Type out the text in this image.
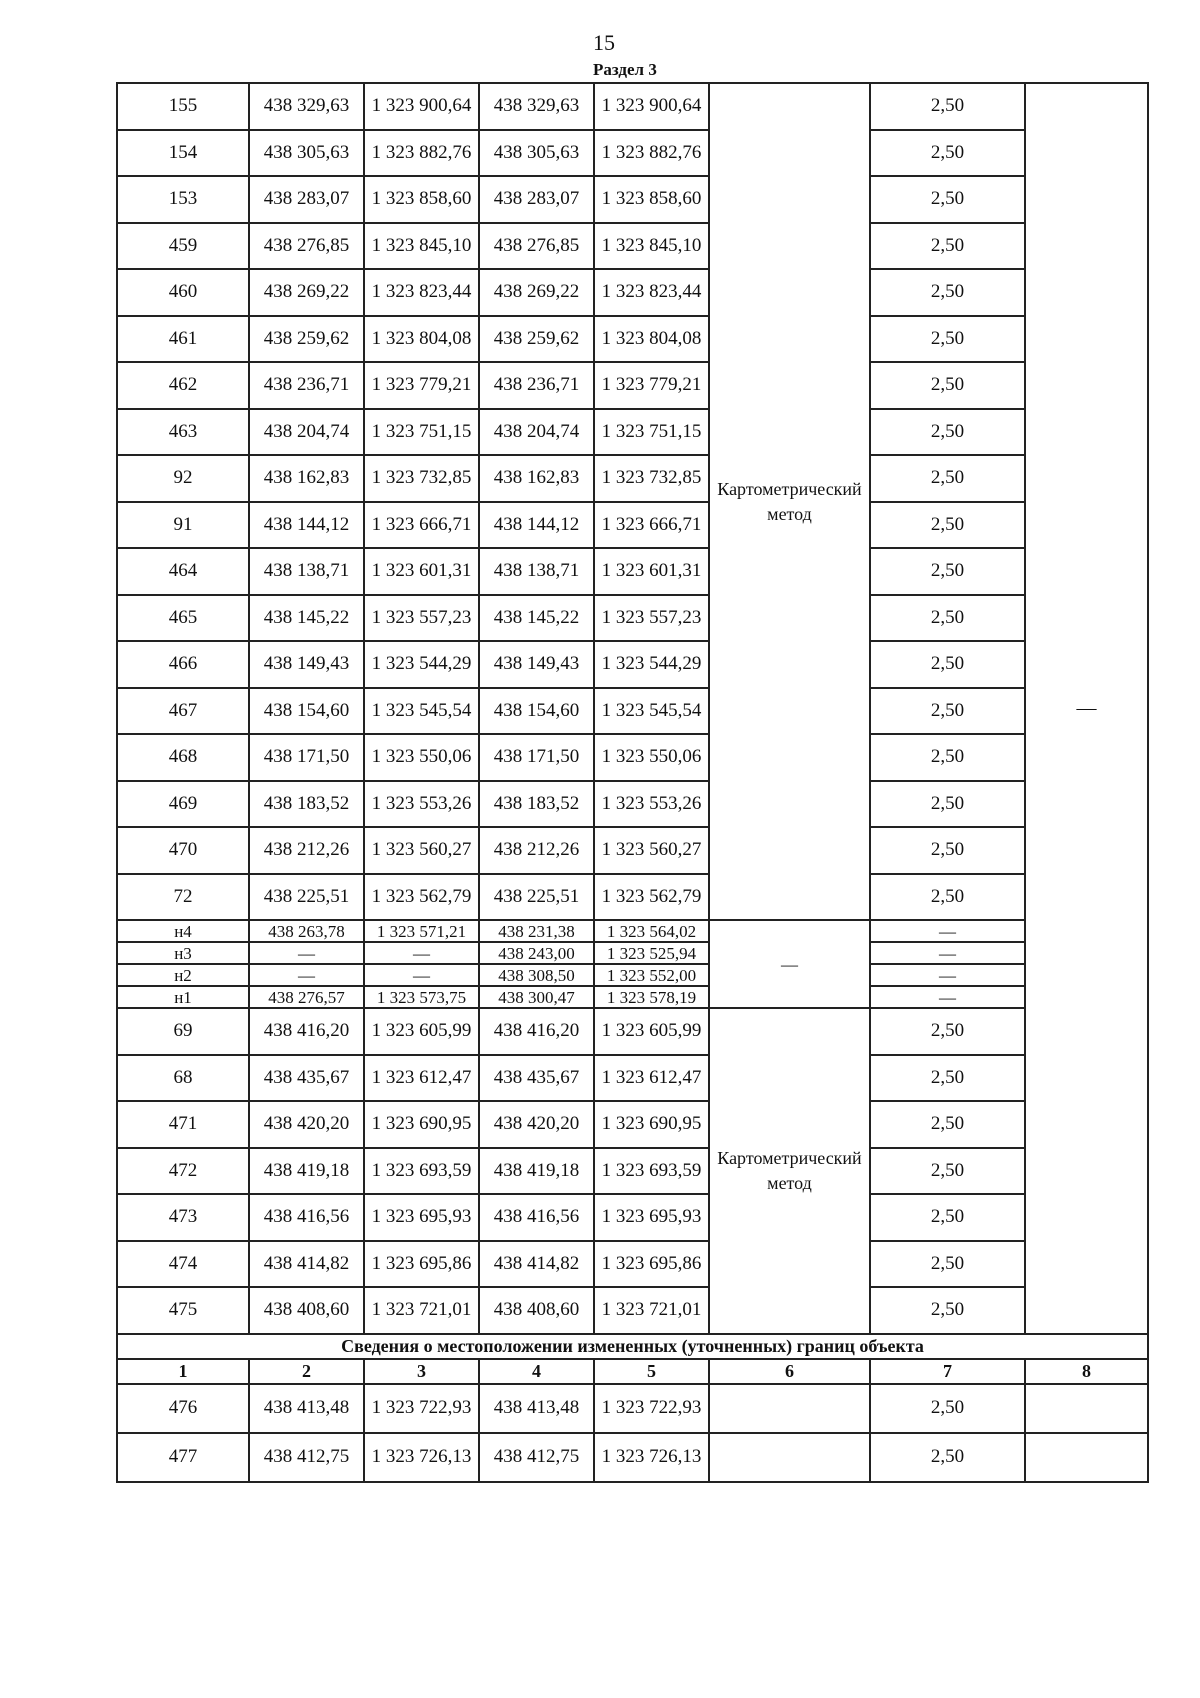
15
Раздел 3
155	438 329,63	1 323 900,64	438 329,63	1 323 900,64	Картометрический метод	2,50	—
154	438 305,63	1 323 882,76	438 305,63	1 323 882,76		2,50	
153	438 283,07	1 323 858,60	438 283,07	1 323 858,60		2,50	
459	438 276,85	1 323 845,10	438 276,85	1 323 845,10		2,50	
460	438 269,22	1 323 823,44	438 269,22	1 323 823,44		2,50	
461	438 259,62	1 323 804,08	438 259,62	1 323 804,08		2,50	
462	438 236,71	1 323 779,21	438 236,71	1 323 779,21		2,50	
463	438 204,74	1 323 751,15	438 204,74	1 323 751,15		2,50	
92	438 162,83	1 323 732,85	438 162,83	1 323 732,85		2,50	
91	438 144,12	1 323 666,71	438 144,12	1 323 666,71		2,50	
464	438 138,71	1 323 601,31	438 138,71	1 323 601,31		2,50	
465	438 145,22	1 323 557,23	438 145,22	1 323 557,23		2,50	
466	438 149,43	1 323 544,29	438 149,43	1 323 544,29		2,50	
467	438 154,60	1 323 545,54	438 154,60	1 323 545,54		2,50	
468	438 171,50	1 323 550,06	438 171,50	1 323 550,06		2,50	
469	438 183,52	1 323 553,26	438 183,52	1 323 553,26		2,50	
470	438 212,26	1 323 560,27	438 212,26	1 323 560,27		2,50	
72	438 225,51	1 323 562,79	438 225,51	1 323 562,79		2,50	
н4	438 263,78	1 323 571,21	438 231,38	1 323 564,02	—	—	
н3	—	—	438 243,00	1 323 525,94		—	
н2	—	—	438 308,50	1 323 552,00		—	
н1	438 276,57	1 323 573,75	438 300,47	1 323 578,19		—	
69	438 416,20	1 323 605,99	438 416,20	1 323 605,99	Картометрический метод	2,50	
68	438 435,67	1 323 612,47	438 435,67	1 323 612,47		2,50	
471	438 420,20	1 323 690,95	438 420,20	1 323 690,95		2,50	
472	438 419,18	1 323 693,59	438 419,18	1 323 693,59		2,50	
473	438 416,56	1 323 695,93	438 416,56	1 323 695,93		2,50	
474	438 414,82	1 323 695,86	438 414,82	1 323 695,86		2,50	
475	438 408,60	1 323 721,01	438 408,60	1 323 721,01		2,50	
Сведения о местоположении измененных (уточненных) границ объекта							
1	2	3	4	5	6	7	8
476	438 413,48	1 323 722,93	438 413,48	1 323 722,93		2,50	
477	438 412,75	1 323 726,13	438 412,75	1 323 726,13		2,50	
